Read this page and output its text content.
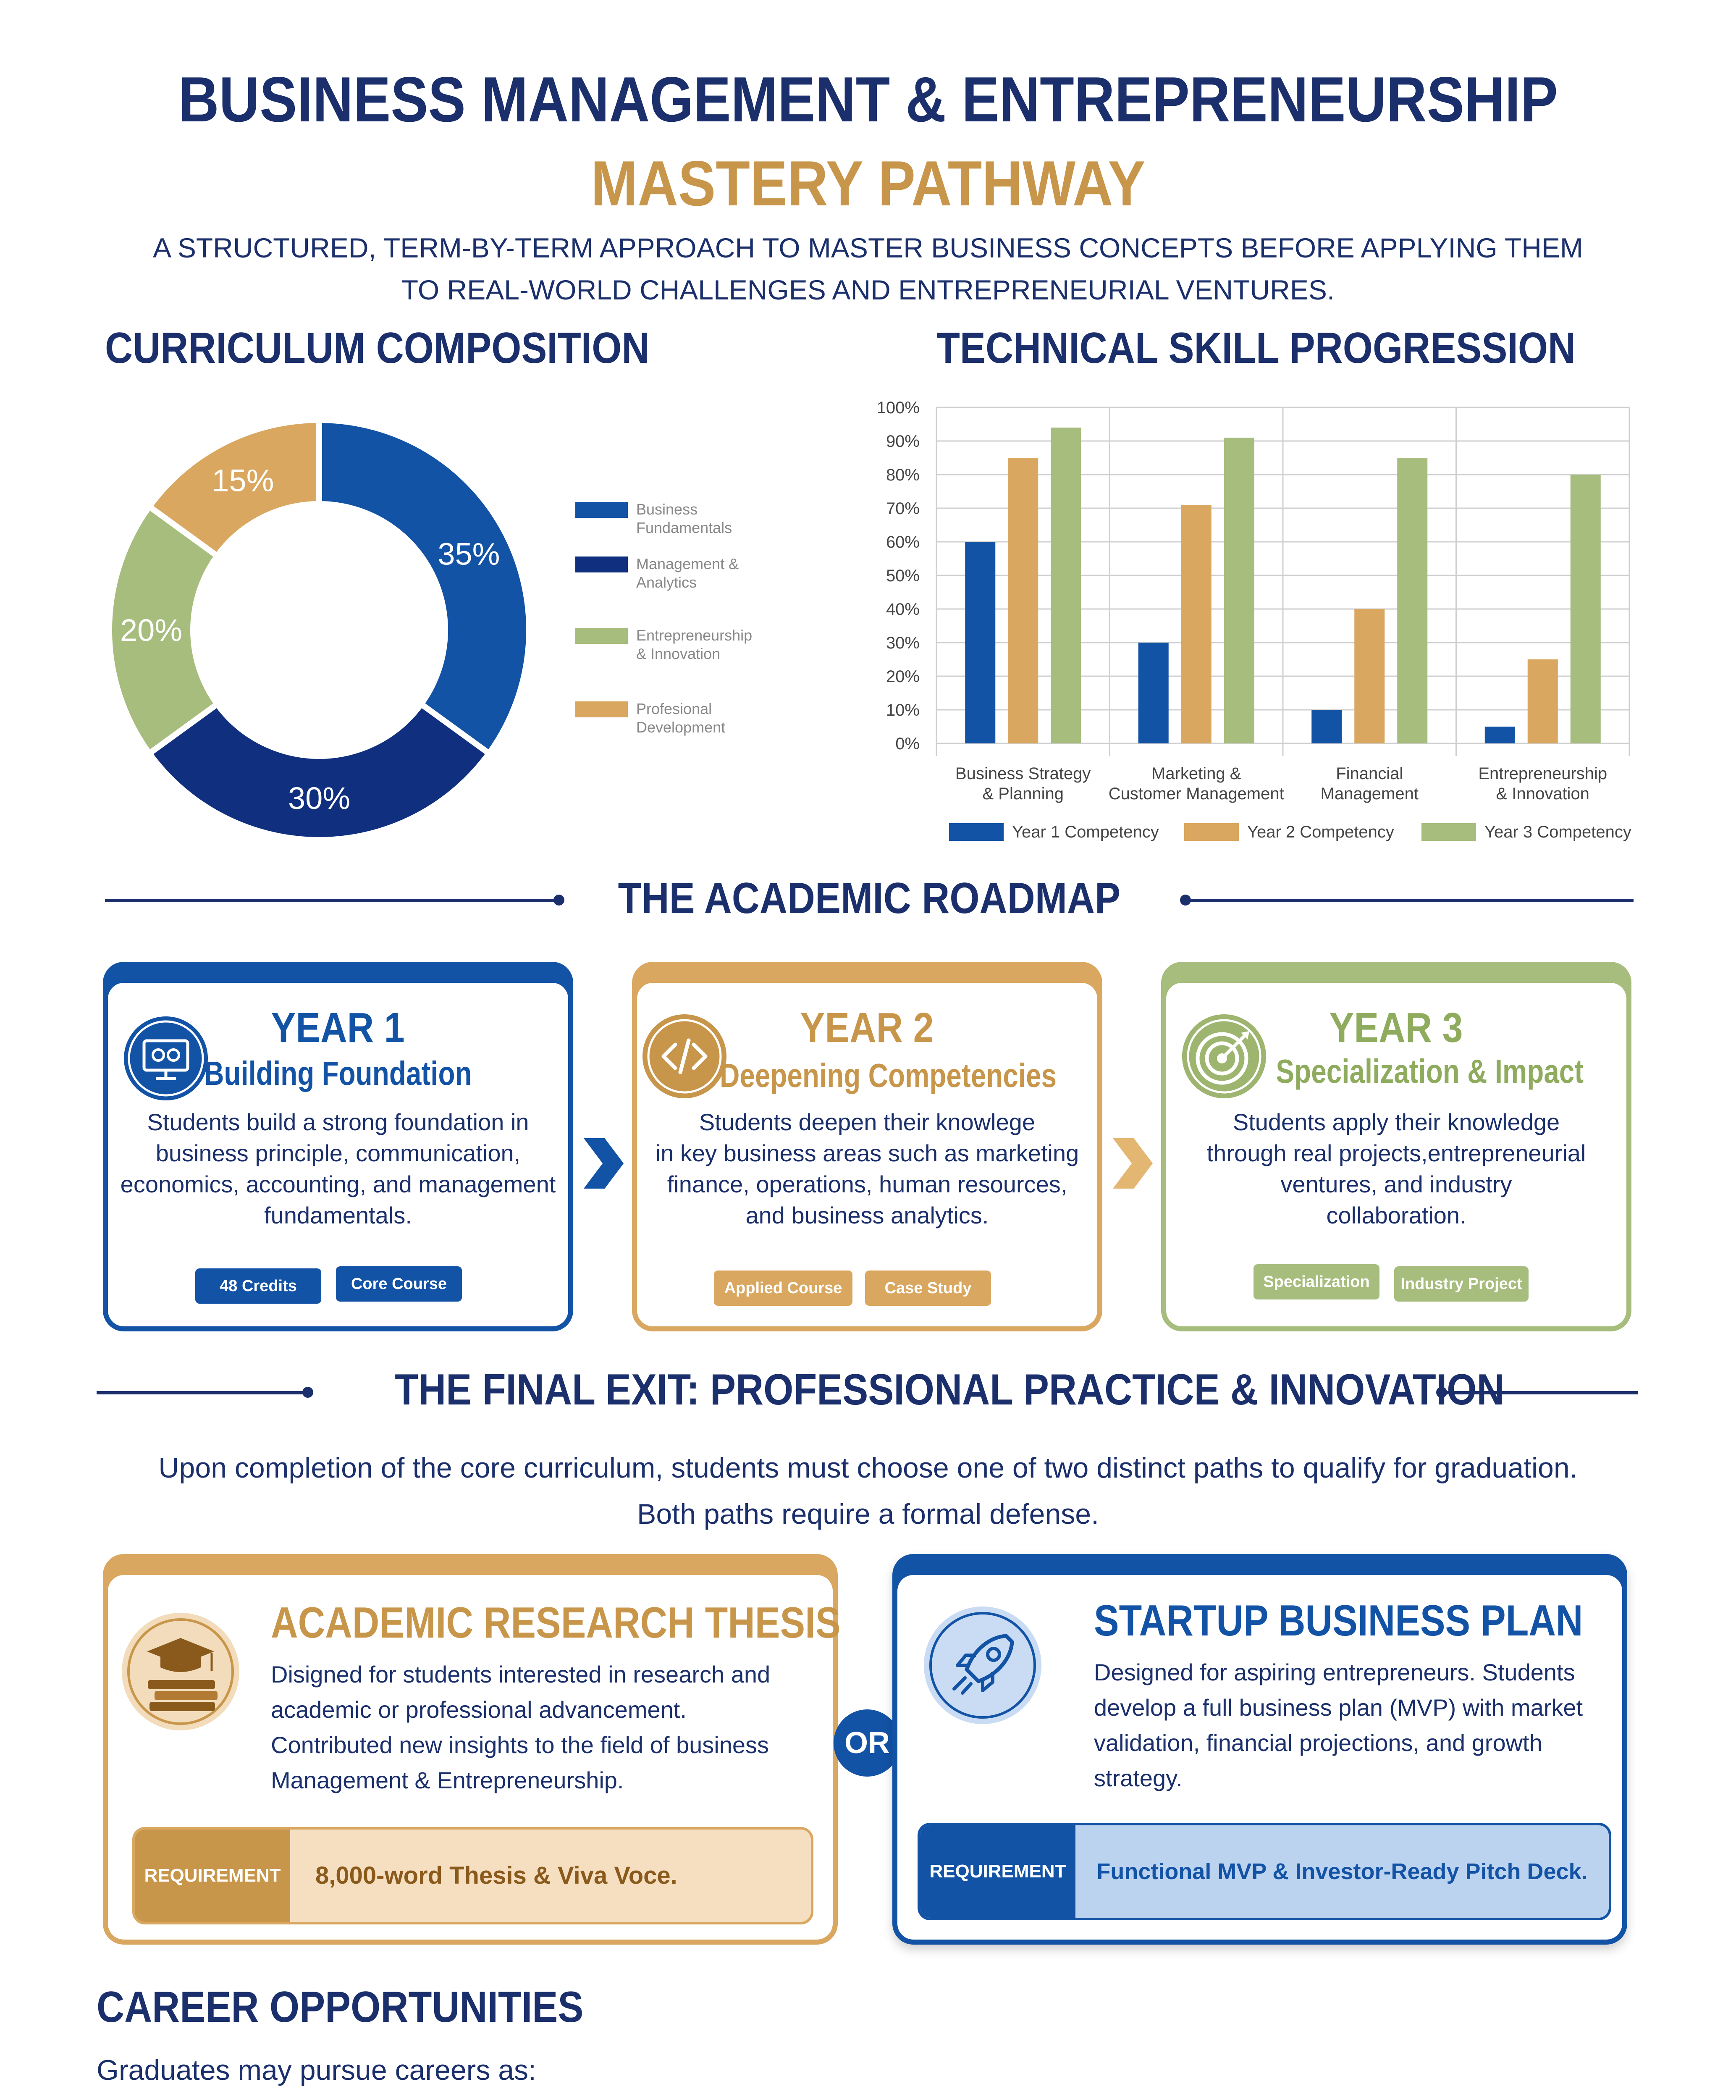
BUSINESS MANAGEMENT & ENTREPRENEURSHIP
MASTERY PATHWAY
A STRUCTURED, TERM-BY-TERM APPROACH TO MASTER BUSINESS CONCEPTS BEFORE APPLYING THEM
TO REAL-WORLD CHALLENGES AND ENTREPRENEURIAL VENTURES.
CURRICULUM COMPOSITION
35%
30%
20%
15%
Business
Fundamentals
Management &
Analytics
Entrepreneurship
& Innovation
Profesional
Development
TECHNICAL SKILL PROGRESSION
0%
10%
20%
30%
40%
50%
60%
70%
80%
90%
100%
Business Strategy
& Planning
Marketing &
Customer Management
Financial
Management
Entrepreneurship
& Innovation
Year 1 Competency	Year 2 Competency	Year 3 Competency
THE ACADEMIC ROADMAP
YEAR 1
Building Foundation
Students build a strong foundation in
business principle, communication,
economics, accounting, and management
fundamentals.
48 Credits	Core Course
YEAR 2
Deepening Competencies
Students deepen their knowlege
in key business areas such as marketing
finance, operations, human resources,
and business analytics.
Applied Course	Case Study
YEAR 3
Specialization & Impact
Students apply their knowledge
through real projects,entrepreneurial
ventures, and industry
collaboration.
Specialization	Industry Project
THE FINAL EXIT: PROFESSIONAL PRACTICE & INNOVATION
Upon completion of the core curriculum, students must choose one of two distinct paths to qualify for graduation.
Both paths require a formal defense.
ACADEMIC RESEARCH THESIS
Disigned for students interested in research and
academic or professional advancement.
Contributed new insights to the field of business
Management & Entrepreneurship.
REQUIREMENT	8,000-word Thesis & Viva Voce.
OR
STARTUP BUSINESS PLAN
Designed for aspiring entrepreneurs. Students
develop a full business plan (MVP) with market
validation, financial projections, and growth
strategy.
REQUIREMENT	Functional MVP & Investor-Ready Pitch Deck.
CAREER OPPORTUNITIES
Graduates may pursue careers as:
